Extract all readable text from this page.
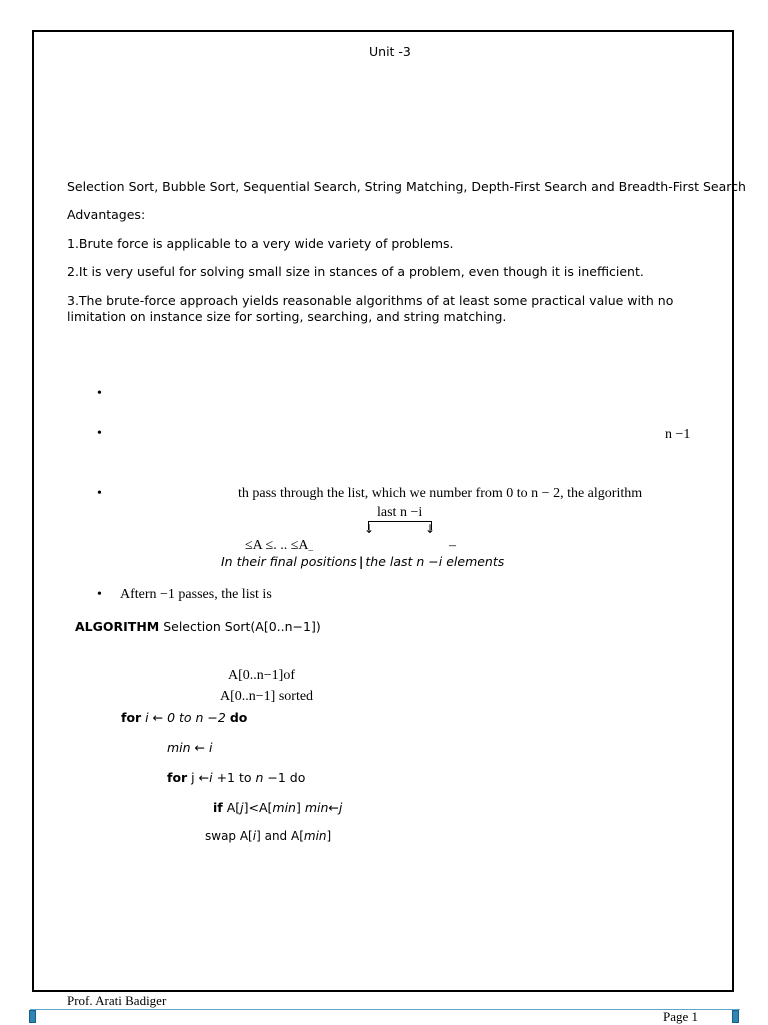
Unit -3
Selection Sort, Bubble Sort, Sequential Search, String Matching, Depth-First Search and Breadth-First Search
Advantages:
1.Brute force is applicable to a very wide variety of problems.
2.It is very useful for solving small size in stances of a problem, even though it is inefficient.
3.The brute-force approach yields reasonable algorithms of at least some practical value with no
limitation on instance size for sorting, searching, and string matching.
•
•	n −1
•	th pass through the list, which we number from 0 to n − 2, the algorithm
last n −i
↓	↓
≤A ≤. .. $\le A_-$	–
In their final positions | the last n −i elements
• Aftern −1 passes, the list is
ALGORITHM Selection Sort(A[0..n−1])
A[0..n−1]of
A[0..n−1] sorted
for i ← 0 to n −2 do
min ← i
for j ←i +1 to n −1 do
if A[j]<A[min] min←j
swap A[i] and A[min]
Prof. Arati Badiger
Page 1
